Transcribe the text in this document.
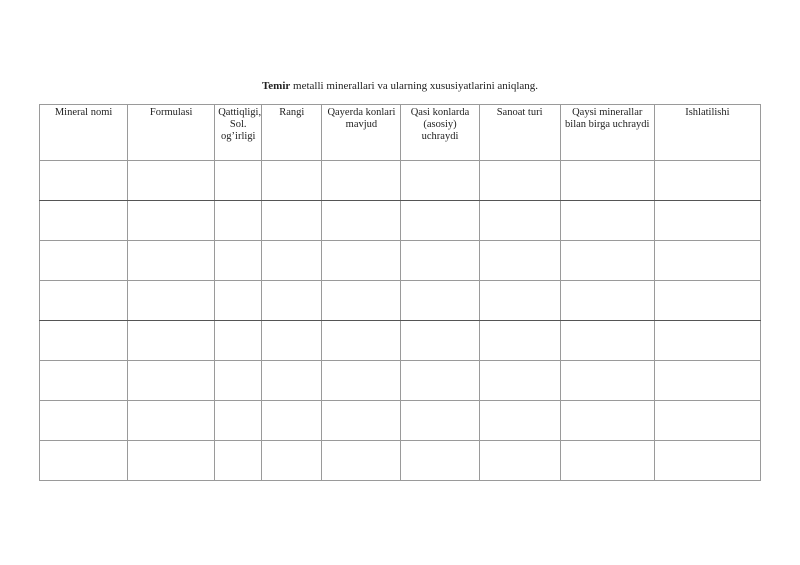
Temir metalli minerallari va ularning xususiyatlarini aniqlang.
Mineral nomi	Formulasi	Qattiqligi, Sol. og’irligi	Rangi	Qayerda konlari mavjud	Qasi konlarda (asosiy) uchraydi	Sanoat turi	Qaysi minerallar bilan birga uchraydi	Ishlatilishi
